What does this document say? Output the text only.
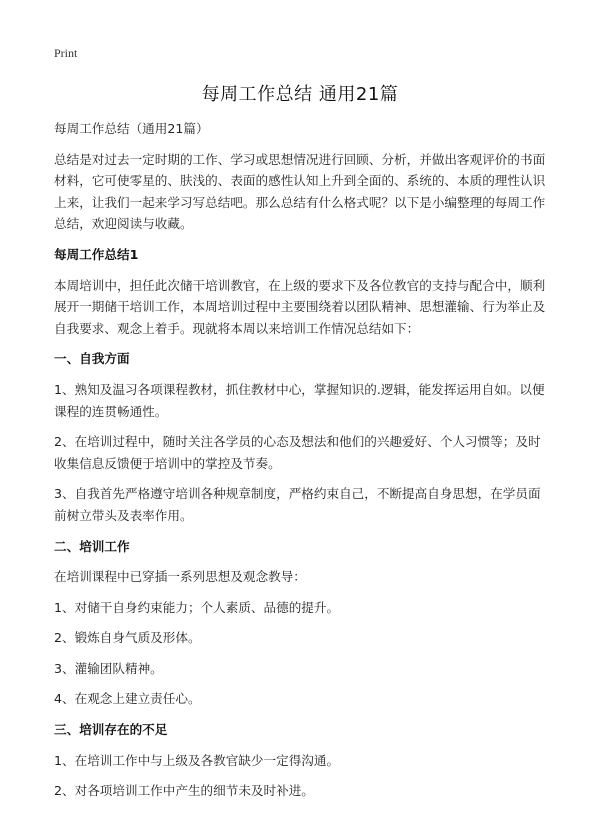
Print
每周工作总结 通用21篇

每周工作总结（通用21篇）

总结是对过去一定时期的工作、学习或思想情况进行回顾、分析，并做出客观评价的书面材料，它可使零星的、肤浅的、表面的感性认知上升到全面的、系统的、本质的理性认识上来，让我们一起来学习写总结吧。那么总结有什么格式呢？以下是小编整理的每周工作总结，欢迎阅读与收藏。

每周工作总结1

本周培训中，担任此次储干培训教官，在上级的要求下及各位教官的支持与配合中，顺利展开一期储干培训工作，本周培训过程中主要围绕着以团队精神、思想灌输、行为举止及自我要求、观念上着手。现就将本周以来培训工作情况总结如下：

一、自我方面

1、熟知及温习各项课程教材，抓住教材中心，掌握知识的.逻辑，能发挥运用自如。以便课程的连贯畅通性。

2、在培训过程中，随时关注各学员的心态及想法和他们的兴趣爱好、个人习惯等；及时收集信息反馈便于培训中的掌控及节奏。

3、自我首先严格遵守培训各种规章制度，严格约束自己，不断提高自身思想，在学员面前树立带头及表率作用。

二、培训工作

在培训课程中已穿插一系列思想及观念教导：

1、对储干自身约束能力；个人素质、品德的提升。

2、锻炼自身气质及形体。

3、灌输团队精神。

4、在观念上建立责任心。

三、培训存在的不足

1、在培训工作中与上级及各教官缺少一定得沟通。

2、对各项培训工作中产生的细节未及时补进。
